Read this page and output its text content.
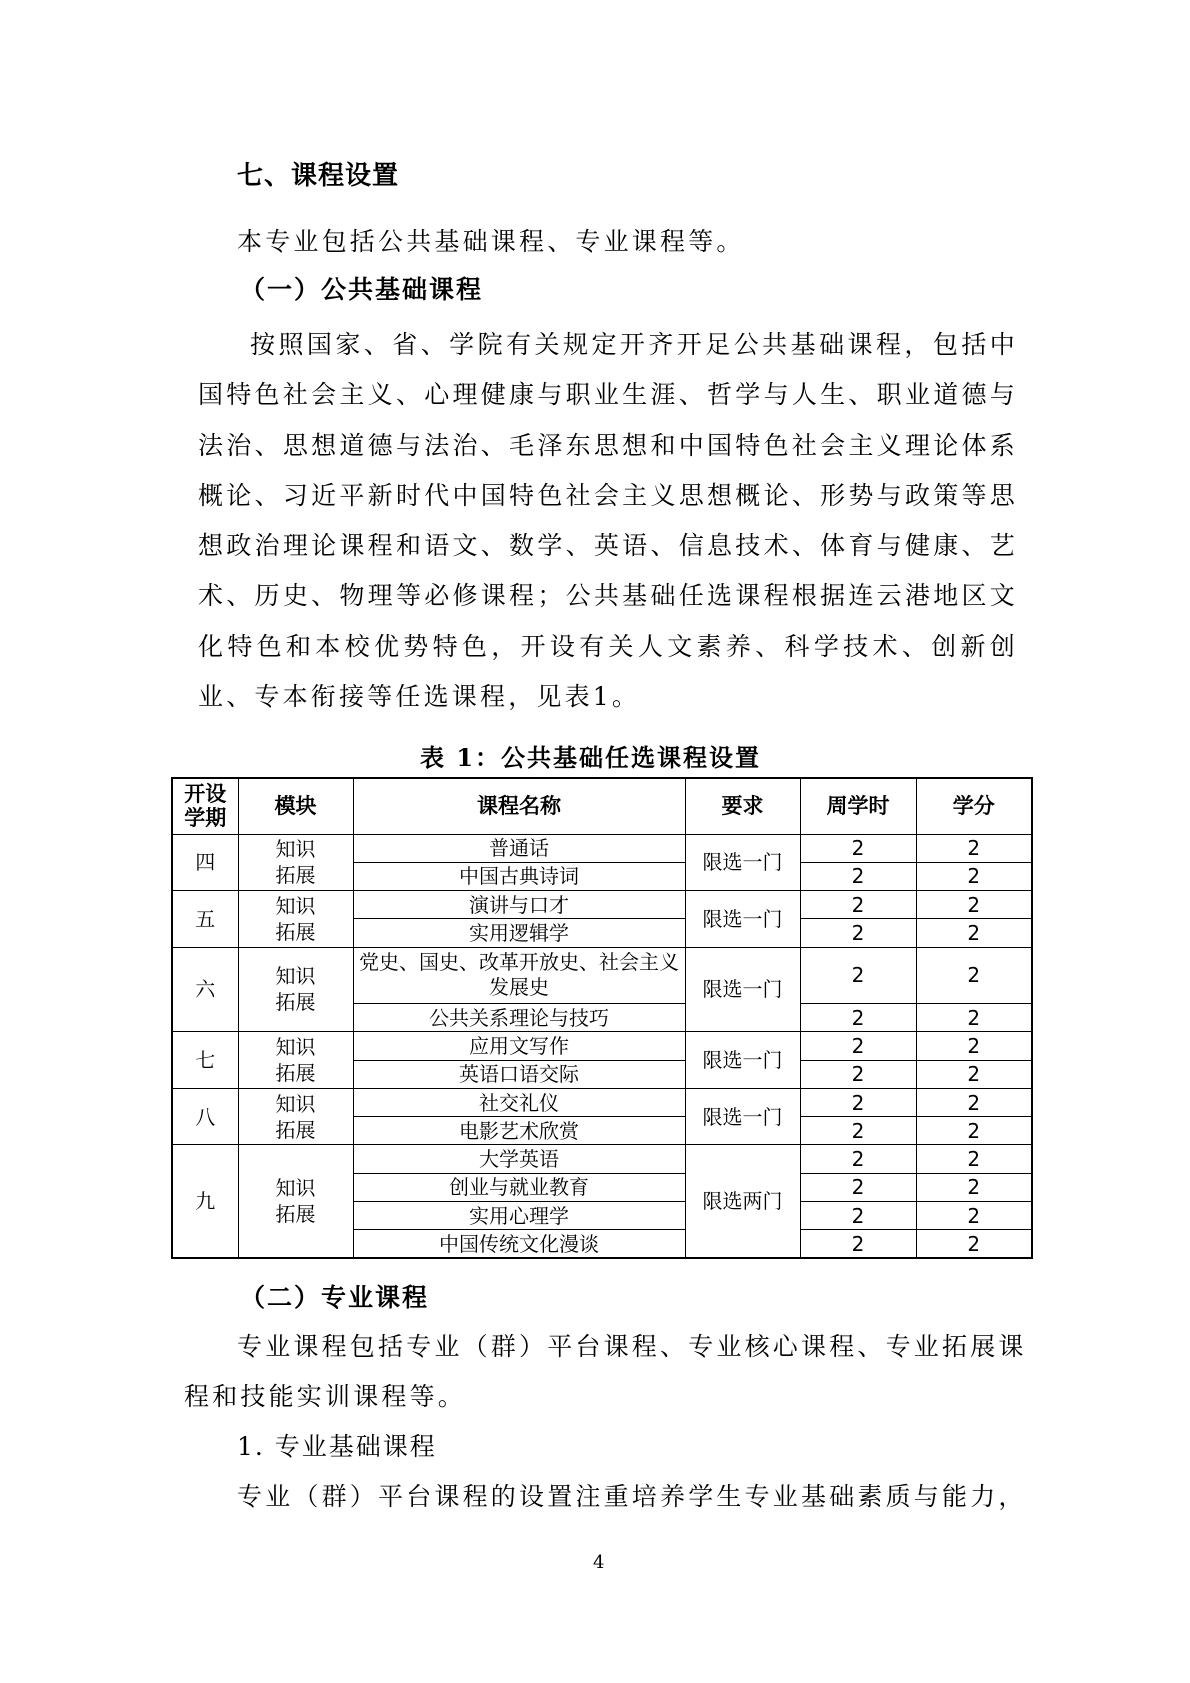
七、课程设置
本专业包括公共基础课程、专业课程等。
（一）公共基础课程

按照国家、省、学院有关规定开齐开足公共基础课程，包括中国特色社会主义、心理健康与职业生涯、哲学与人生、职业道德与法治、思想道德与法治、毛泽东思想和中国特色社会主义理论体系概论、习近平新时代中国特色社会主义思想概论、形势与政策等思想政治理论课程和语文、数学、英语、信息技术、体育与健康、艺术、历史、物理等必修课程；公共基础任选课程根据连云港地区文化特色和本校优势特色，开设有关人文素养、科学技术、创新创业、专本衔接等任选课程，见表1。

表 1：公共基础任选课程设置
开设学期	模块	课程名称	要求	周学时	学分
四	知识拓展	普通话	限选一门	2	2
		中国古典诗词		2	2
五	知识拓展	演讲与口才	限选一门	2	2
		实用逻辑学		2	2
六	知识拓展	党史、国史、改革开放史、社会主义发展史	限选一门	2	2
		公共关系理论与技巧		2	2
七	知识拓展	应用文写作	限选一门	2	2
		英语口语交际		2	2
八	知识拓展	社交礼仪	限选一门	2	2
		电影艺术欣赏		2	2
九	知识拓展	大学英语	限选两门	2	2
		创业与就业教育		2	2
		实用心理学		2	2
		中国传统文化漫谈		2	2
（二）专业课程
专业课程包括专业（群）平台课程、专业核心课程、专业拓展课
程和技能实训课程等。
1. 专业基础课程
专业（群）平台课程的设置注重培养学生专业基础素质与能力，
4
